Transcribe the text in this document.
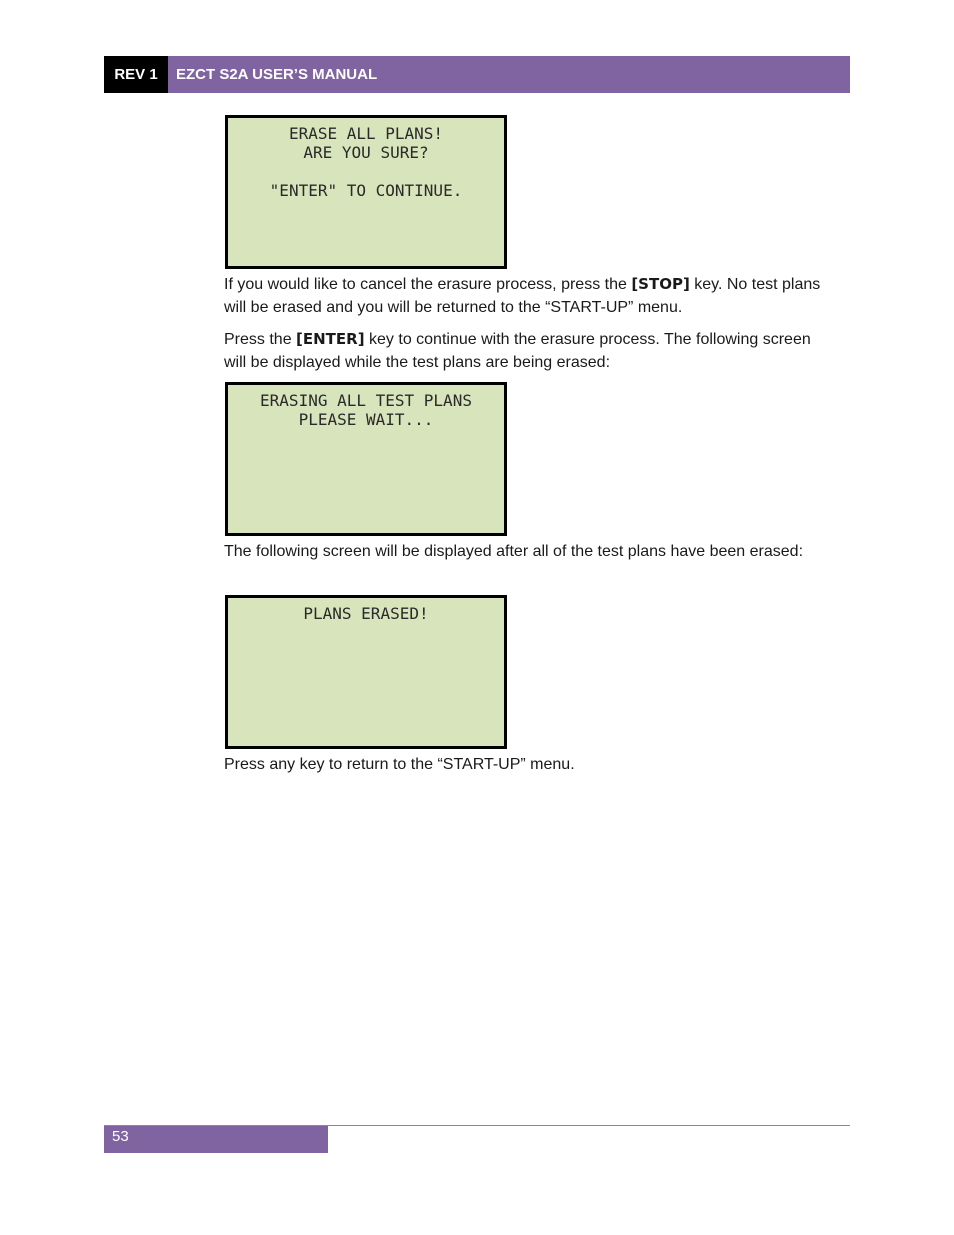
REV 1	EZCT S2A USER’S MANUAL
ERASE ALL PLANS!
ARE YOU SURE?
"ENTER" TO CONTINUE.

If you would like to cancel the erasure process, press the [STOP] key. No test plans will be erased and you will be returned to the “START-UP” menu.

Press the [ENTER] key to continue with the erasure process. The following screen will be displayed while the test plans are being erased:

ERASING ALL TEST PLANS
PLEASE WAIT...

The following screen will be displayed after all of the test plans have been erased:

PLANS ERASED!

Press any key to return to the “START-UP” menu.

53
